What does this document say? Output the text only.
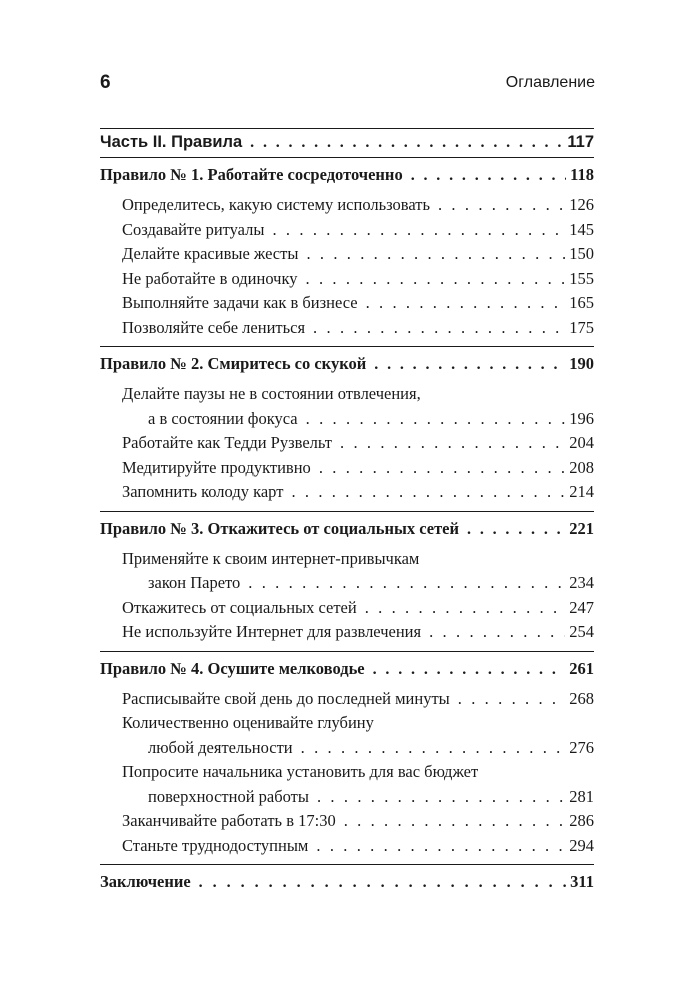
6	Оглавление
Часть II. Правила . . .	117
Правило № 1. Работайте сосредоточенно . . .	118
Определитесь, какую систему использовать . . .	126
Создавайте ритуалы . . .	145
Делайте красивые жесты . . .	150
Не работайте в одиночку . . .	155
Выполняйте задачи как в бизнесе . . .	165
Позволяйте себе лениться . . .	175
Правило № 2. Смиритесь со скукой . . .	190
Делайте паузы не в состоянии отвлечения,
а в состоянии фокуса . . .	196
Работайте как Тедди Рузвельт . . .	204
Медитируйте продуктивно . . .	208
Запомнить колоду карт . . .	214
Правило № 3. Откажитесь от социальных сетей . . .	221
Применяйте к своим интернет-привычкам
закон Парето . . .	234
Откажитесь от социальных сетей . . .	247
Не используйте Интернет для развлечения . . .	254
Правило № 4. Осушите мелководье . . .	261
Расписывайте свой день до последней минуты . . .	268
Количественно оценивайте глубину
любой деятельности . . .	276
Попросите начальника установить для вас бюджет
поверхностной работы . . .	281
Заканчивайте работать в 17:30 . . .	286
Станьте труднодоступным . . .	294
Заключение . . .	311
